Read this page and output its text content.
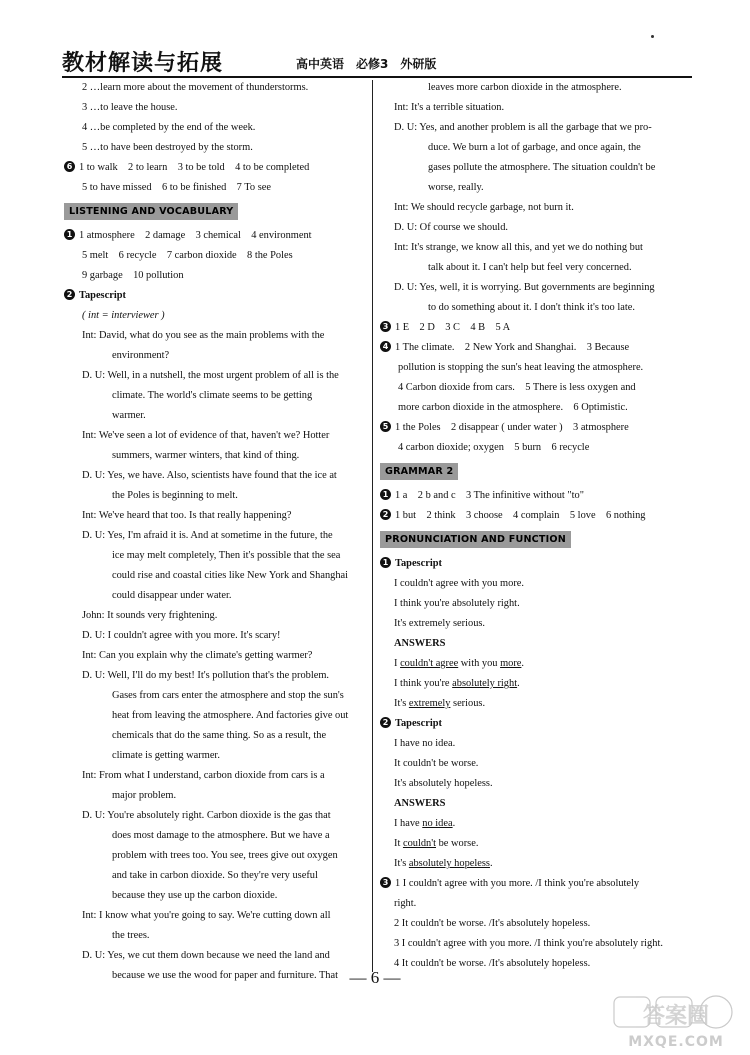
教材解读与拓展	高中英语　必修3　外研版
2 …learn more about the movement of thunderstorms.
3 …to leave the house.
4 …be completed by the end of the week.
5 …to have been destroyed by the storm.
6 1 to walk　2 to learn　3 to be told　4 to be completed
5 to have missed　6 to be finished　7 To see
LISTENING AND VOCABULARY
1 1 atmosphere　2 damage　3 chemical　4 environment
5 melt　6 recycle　7 carbon dioxide　8 the Poles
9 garbage　10 pollution
2 Tapescript
( int = interviewer )
Int: David, what do you see as the main problems with the
environment?
D. U: Well, in a nutshell, the most urgent problem of all is the
climate. The world's climate seems to be getting
warmer.
Int: We've seen a lot of evidence of that, haven't we? Hotter
summers, warmer winters, that kind of thing.
D. U: Yes, we have. Also, scientists have found that the ice at
the Poles is beginning to melt.
Int: We've heard that too. Is that really happening?
D. U: Yes, I'm afraid it is. And at sometime in the future, the
ice may melt completely, Then it's possible that the sea
could rise and coastal cities like New York and Shanghai
could disappear under water.
John: It sounds very frightening.
D. U: I couldn't agree with you more. It's scary!
Int: Can you explain why the climate's getting warmer?
D. U: Well, I'll do my best! It's pollution that's the problem.
Gases from cars enter the atmosphere and stop the sun's
heat from leaving the atmosphere. And factories give out
chemicals that do the same thing. So as a result, the
climate is getting warmer.
Int: From what I understand, carbon dioxide from cars is a
major problem.
D. U: You're absolutely right. Carbon dioxide is the gas that
does most damage to the atmosphere. But we have a
problem with trees too. You see, trees give out oxygen
and take in carbon dioxide. So they're very useful
because they use up the carbon dioxide.
Int: I know what you're going to say. We're cutting down all
the trees.
D. U: Yes, we cut them down because we need the land and
because we use the wood for paper and furniture. That
leaves more carbon dioxide in the atmosphere.
Int: It's a terrible situation.
D. U: Yes, and another problem is all the garbage that we pro-
duce. We burn a lot of garbage, and once again, the
gases pollute the atmosphere. The situation couldn't be
worse, really.
Int: We should recycle garbage, not burn it.
D. U: Of course we should.
Int: It's strange, we know all this, and yet we do nothing but
talk about it. I can't help but feel very concerned.
D. U: Yes, well, it is worrying. But governments are beginning
to do something about it. I don't think it's too late.
3 1 E　2 D　3 C　4 B　5 A
4 1 The climate.　2 New York and Shanghai.　3 Because
pollution is stopping the sun's heat leaving the atmosphere.
4 Carbon dioxide from cars.　5 There is less oxygen and
more carbon dioxide in the atmosphere.　6 Optimistic.
5 1 the Poles　2 disappear ( under water )　3 atmosphere
4 carbon dioxide; oxygen　5 burn　6 recycle
GRAMMAR 2
1 1 a　2 b and c　3 The infinitive without "to"
2 1 but　2 think　3 choose　4 complain　5 love　6 nothing
PRONUNCIATION AND FUNCTION
1 Tapescript
I couldn't agree with you more.
I think you're absolutely right.
It's extremely serious.
ANSWERS
I couldn't agree with you more.
I think you're absolutely right.
It's extremely serious.
2 Tapescript
I have no idea.
It couldn't be worse.
It's absolutely hopeless.
ANSWERS
I have no idea.
It couldn't be worse.
It's absolutely hopeless.
3 1 I couldn't agree with you more. /I think you're absolutely
right.
2 It couldn't be worse. /It's absolutely hopeless.
3 I couldn't agree with you more. /I think you're absolutely right.
4 It couldn't be worse. /It's absolutely hopeless.
— 6 —
答案圈
MXQE.COM
